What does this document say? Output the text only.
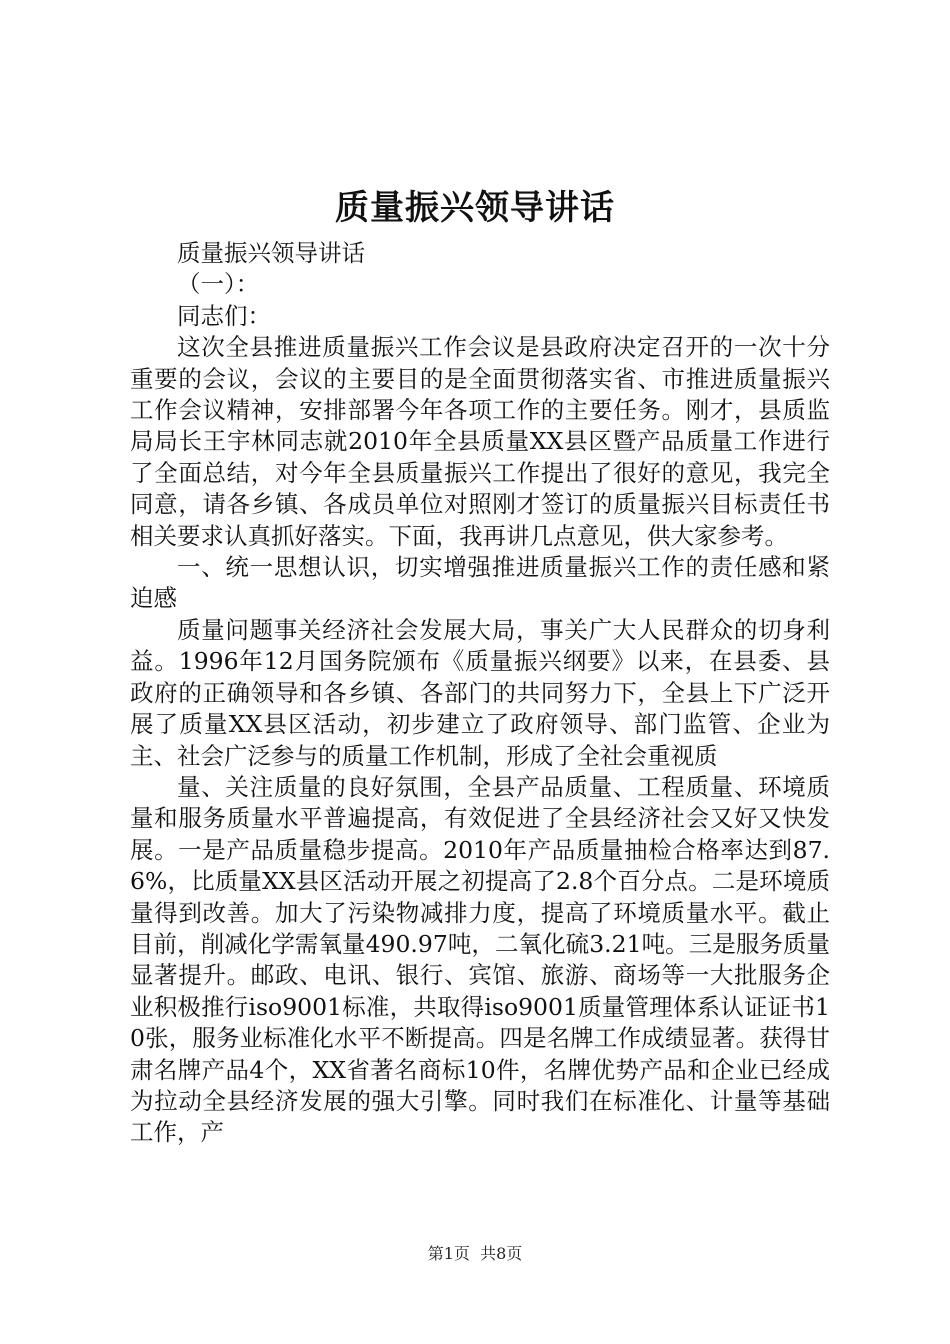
质量振兴领导讲话

质量振兴领导讲话

（一）：

同志们：

这次全县推进质量振兴工作会议是县政府决定召开的一次十分重要的会议，会议的主要目的是全面贯彻落实省、市推进质量振兴工作会议精神，安排部署今年各项工作的主要任务。刚才，县质监局局长王宇林同志就2010年全县质量XX县区暨产品质量工作进行了全面总结，对今年全县质量振兴工作提出了很好的意见，我完全同意，请各乡镇、各成员单位对照刚才签订的质量振兴目标责任书相关要求认真抓好落实。下面，我再讲几点意见，供大家参考。

一、统一思想认识，切实增强推进质量振兴工作的责任感和紧迫感

质量问题事关经济社会发展大局，事关广大人民群众的切身利益。1996年12月国务院颁布《质量振兴纲要》以来，在县委、县政府的正确领导和各乡镇、各部门的共同努力下，全县上下广泛开展了质量XX县区活动，初步建立了政府领导、部门监管、企业为主、社会广泛参与的质量工作机制，形成了全社会重视质

量、关注质量的良好氛围，全县产品质量、工程质量、环境质量和服务质量水平普遍提高，有效促进了全县经济社会又好又快发展。一是产品质量稳步提高。2010年产品质量抽检合格率达到87.6%，比质量XX县区活动开展之初提高了2.8个百分点。二是环境质量得到改善。加大了污染物减排力度，提高了环境质量水平。截止目前，削减化学需氧量490.97吨，二氧化硫3.21吨。三是服务质量显著提升。邮政、电讯、银行、宾馆、旅游、商场等一大批服务企业积极推行iso9001标准，共取得iso9001质量管理体系认证证书10张，服务业标准化水平不断提高。四是名牌工作成绩显著。获得甘肃名牌产品4个，XX省著名商标10件，名牌优势产品和企业已经成为拉动全县经济发展的强大引擎。同时我们在标准化、计量等基础工作，产

第1页 共8页
